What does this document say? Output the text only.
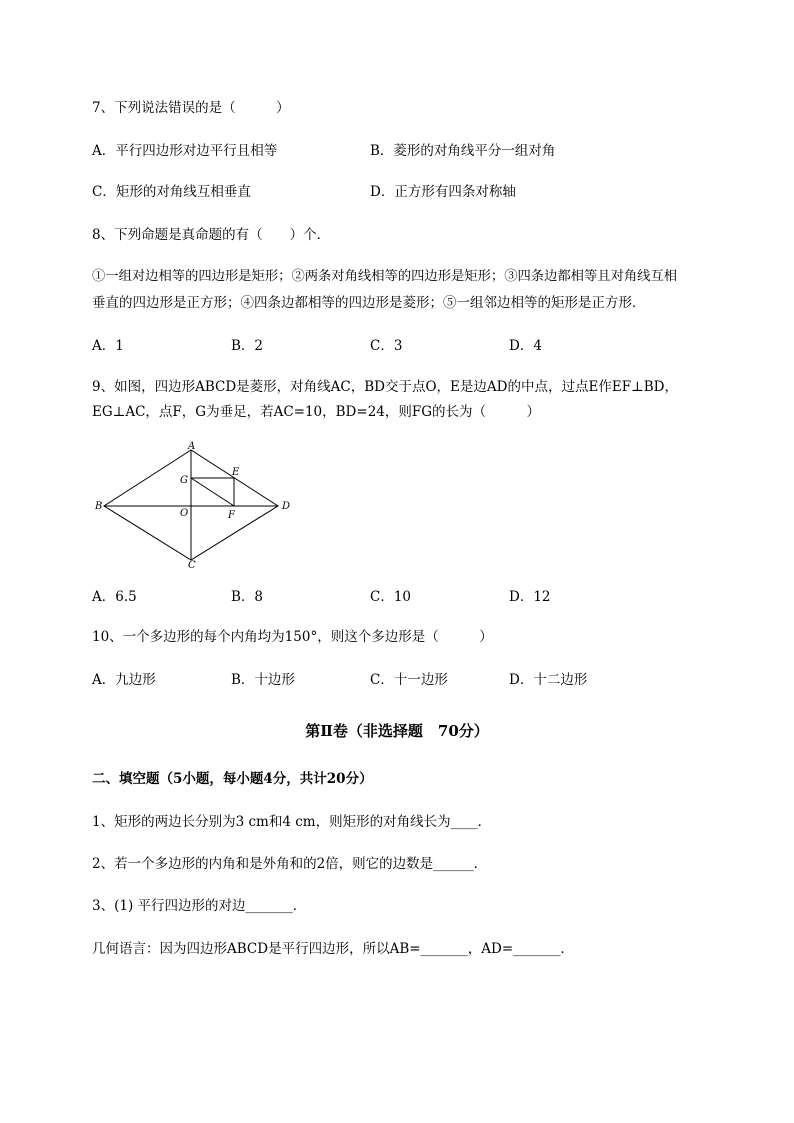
7、下列说法错误的是（　　　）
A．平行四边形对边平行且相等	B．菱形的对角线平分一组对角
C．矩形的对角线互相垂直	D．正方形有四条对称轴
8、下列命题是真命题的有（　　）个．
①一组对边相等的四边形是矩形；②两条对角线相等的四边形是矩形；③四条边都相等且对角线互相
垂直的四边形是正方形；④四条边都相等的四边形是菱形；⑤一组邻边相等的矩形是正方形．
A．1	B．2	C．3	D．4
9、如图，四边形ABCD是菱形，对角线AC，BD交于点O，E是边AD的中点，过点E作EF⊥BD，
EG⊥AC，点F，G为垂足，若AC=10，BD=24，则FG的长为（　　　）
A
B
C
D
E
F
G
O
A．6.5	B．8	C．10	D．12
10、一个多边形的每个内角均为150°，则这个多边形是（　　　）
A．九边形	B．十边形	C．十一边形	D．十二边形
第Ⅱ卷（非选择题　70分）
二、填空题（5小题，每小题4分，共计20分）
1、矩形的两边长分别为3 cm和4 cm，则矩形的对角线长为____．
2、若一个多边形的内角和是外角和的2倍，则它的边数是______．
3、(1) 平行四边形的对边_______．
几何语言：因为四边形ABCD是平行四边形，所以AB=_______，AD=_______．
